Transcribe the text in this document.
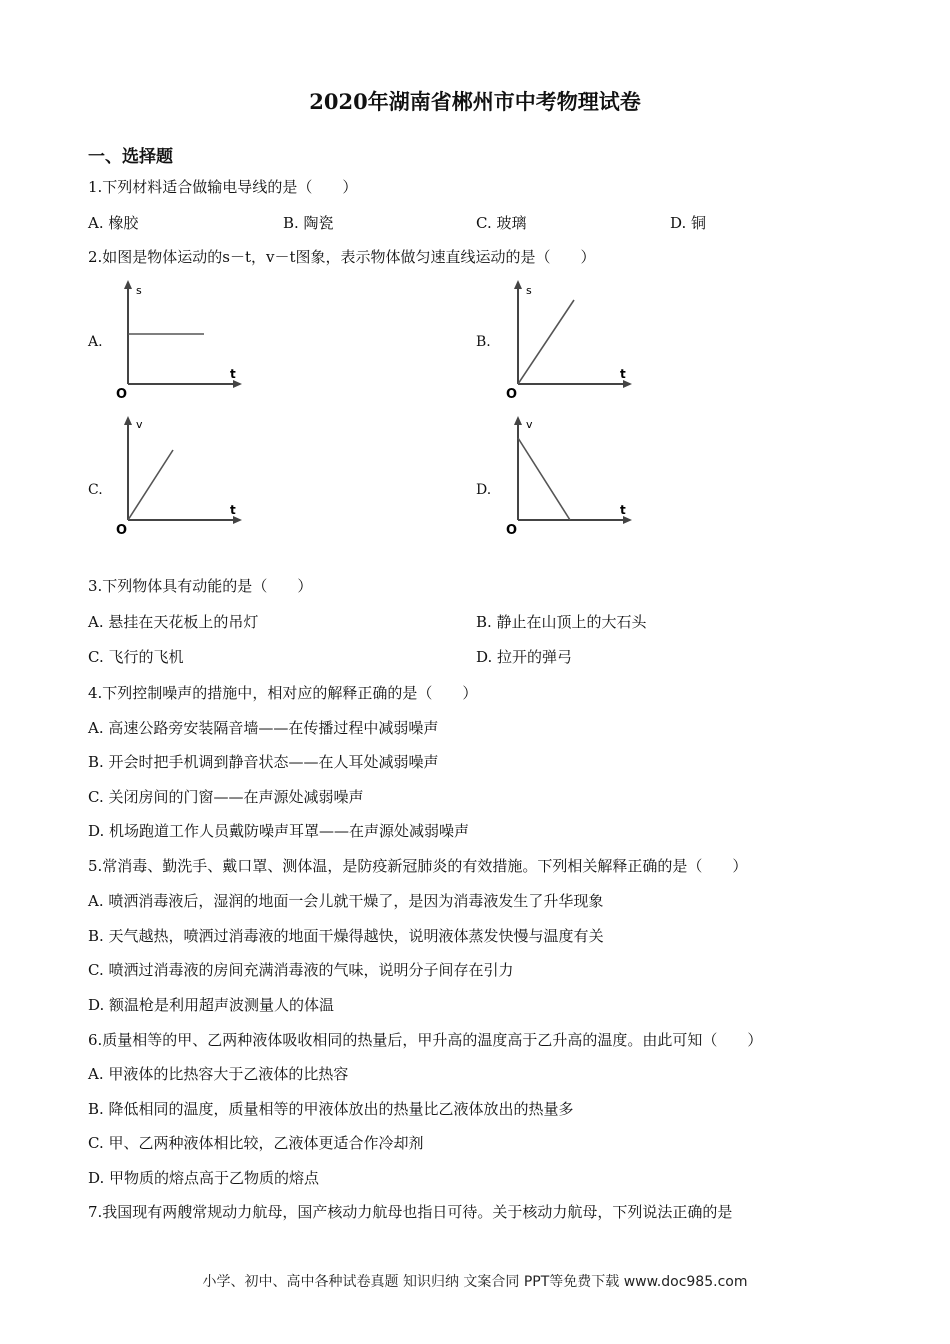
2020年湖南省郴州市中考物理试卷
一、选择题
1.下列材料适合做输电导线的是（　　）
A. 橡胶	B. 陶瓷	C. 玻璃	D. 铜
2.如图是物体运动的s－t，v－t图象，表示物体做匀速直线运动的是（　　）
A.
s
t
O
B.
s
t
O
C.
v
t
O
D.
v
t
O
3.下列物体具有动能的是（　　）
A. 悬挂在天花板上的吊灯	B. 静止在山顶上的大石头
C. 飞行的飞机	D. 拉开的弹弓
4.下列控制噪声的措施中，相对应的解释正确的是（　　）
A. 高速公路旁安装隔音墙——在传播过程中减弱噪声
B. 开会时把手机调到静音状态——在人耳处减弱噪声
C. 关闭房间的门窗——在声源处减弱噪声
D. 机场跑道工作人员戴防噪声耳罩——在声源处减弱噪声
5.常消毒、勤洗手、戴口罩、测体温，是防疫新冠肺炎的有效措施。下列相关解释正确的是（　　）
A. 喷洒消毒液后，湿润的地面一会儿就干燥了，是因为消毒液发生了升华现象
B. 天气越热，喷洒过消毒液的地面干燥得越快，说明液体蒸发快慢与温度有关
C. 喷洒过消毒液的房间充满消毒液的气味，说明分子间存在引力
D. 额温枪是利用超声波测量人的体温
6.质量相等的甲、乙两种液体吸收相同的热量后，甲升高的温度高于乙升高的温度。由此可知（　　）
A. 甲液体的比热容大于乙液体的比热容
B. 降低相同的温度，质量相等的甲液体放出的热量比乙液体放出的热量多
C. 甲、乙两种液体相比较，乙液体更适合作冷却剂
D. 甲物质的熔点高于乙物质的熔点
7.我国现有两艘常规动力航母，国产核动力航母也指日可待。关于核动力航母，下列说法正确的是
小学、初中、高中各种试卷真题 知识归纳 文案合同 PPT等免费下载 www.doc985.com
